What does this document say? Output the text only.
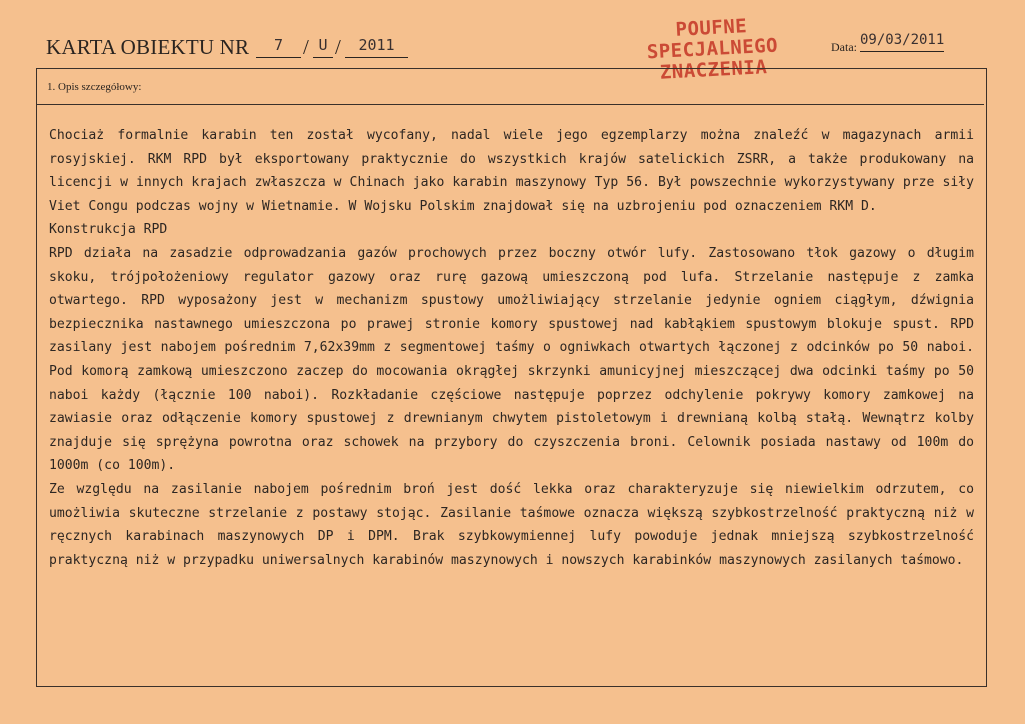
KARTA OBIEKTU NR	7 / U /	2011
POUFNE
SPECJALNEGO
ZNACZENIA
Data: 09/03/2011
1. Opis szczegółowy:

Chociaż formalnie karabin ten został wycofany, nadal wiele jego egzemplarzy można znaleźć w magazynach armii rosyjskiej. RKM RPD był eksportowany praktycznie do wszystkich krajów satelickich ZSRR, a także produkowany na licencji w innych krajach zwłaszcza w Chinach jako karabin maszynowy Typ 56. Był powszechnie wykorzystywany prze siły Viet Congu podczas wojny w Wietnamie. W Wojsku Polskim znajdował się na uzbrojeniu pod oznaczeniem RKM D.

Konstrukcja RPD

RPD działa na zasadzie odprowadzania gazów prochowych przez boczny otwór lufy. Zastosowano tłok gazowy o długim skoku, trójpołożeniowy regulator gazowy oraz rurę gazową umieszczoną pod lufa. Strzelanie następuje z zamka otwartego. RPD wyposażony jest w mechanizm spustowy umożliwiający strzelanie jedynie ogniem ciągłym, dźwignia bezpiecznika nastawnego umieszczona po prawej stronie komory spustowej nad kabłąkiem spustowym blokuje spust. RPD zasilany jest nabojem pośrednim 7,62x39mm z segmentowej taśmy o ogniwkach otwartych łączonej z odcinków po 50 naboi. Pod komorą zamkową umieszczono zaczep do mocowania okrągłej skrzynki amunicyjnej mieszczącej dwa odcinki taśmy po 50 naboi każdy (łącznie 100 naboi). Rozkładanie częściowe następuje poprzez odchylenie pokrywy komory zamkowej na zawiasie oraz odłączenie komory spustowej z drewnianym chwytem pistoletowym i drewnianą kolbą stałą. Wewnątrz kolby znajduje się sprężyna powrotna oraz schowek na przybory do czyszczenia broni. Celownik posiada nastawy od 100m do 1000m (co 100m).

Ze względu na zasilanie nabojem pośrednim broń jest dość lekka oraz charakteryzuje się niewielkim odrzutem, co umożliwia skuteczne strzelanie z postawy stojąc. Zasilanie taśmowe oznacza większą szybkostrzelność praktyczną niż w ręcznych karabinach maszynowych DP i DPM. Brak szybkowymiennej lufy powoduje jednak mniejszą szybkostrzelność praktyczną niż w przypadku uniwersalnych karabinów maszynowych i nowszych karabinków maszynowych zasilanych taśmowo.
